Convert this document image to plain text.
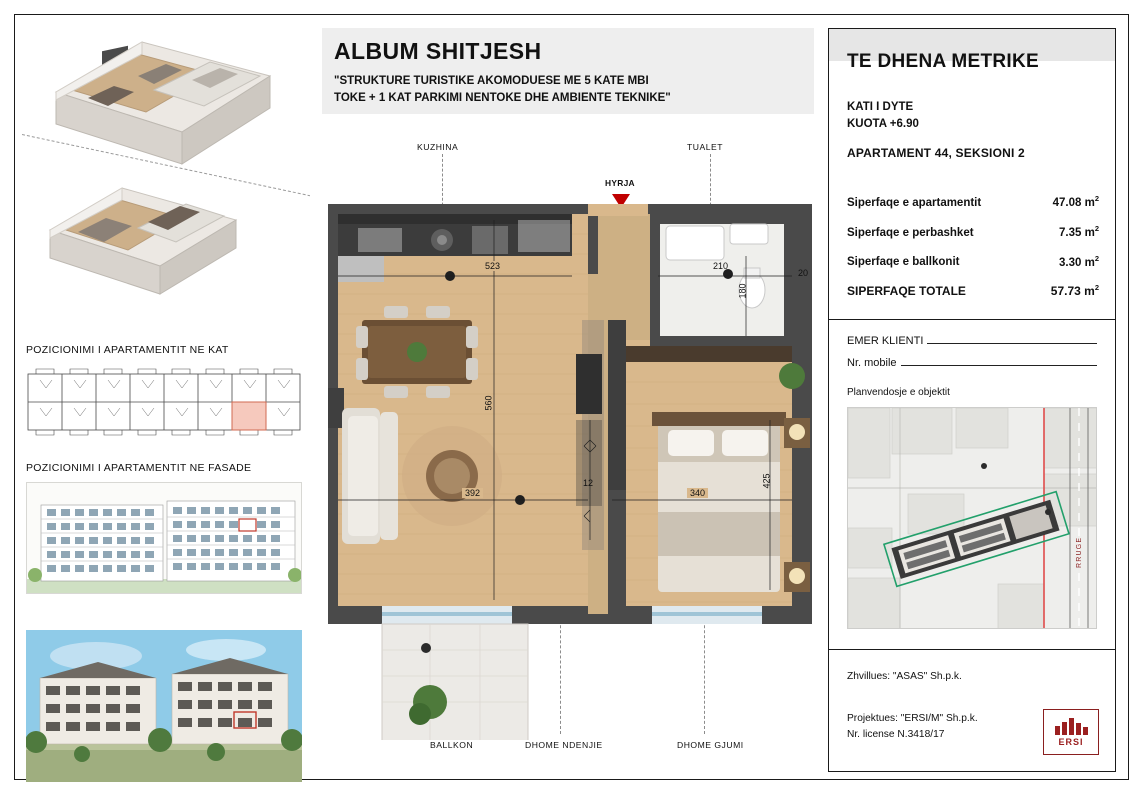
POZICIONIMI I APARTAMENTIT NE KAT
POZICIONIMI I APARTAMENTIT NE FASADE
ALBUM SHITJESH
"STRUKTURE TURISTIKE AKOMODUESE ME 5 KATE MBI
TOKE + 1 KAT PARKIMI NENTOKE DHE AMBIENTE TEKNIKE"
KUZHINA	TUALET
HYRJA
BALLKON	DHOME NDENJIE	DHOME GJUMI
523	210
20
180
560
392
12
340
425
TE DHENA METRIKE
KATI I DYTE
KUOTA +6.90
APARTAMENT 44, SEKSIONI 2
Siperfaqe e apartamentit	47.08 $m^2$
Siperfaqe e perbashket	7.35 $m^2$
Siperfaqe e ballkonit	3.30 $m^2$
SIPERFAQE TOTALE	57.73 $m^2$
EMER KLIENTI
Nr. mobile
Planvendosje e objektit
RRUGE
Zhvillues: "ASAS" Sh.p.k.
Projektues: "ERSI/M" Sh.p.k.
Nr. license N.3418/17
ERSI
